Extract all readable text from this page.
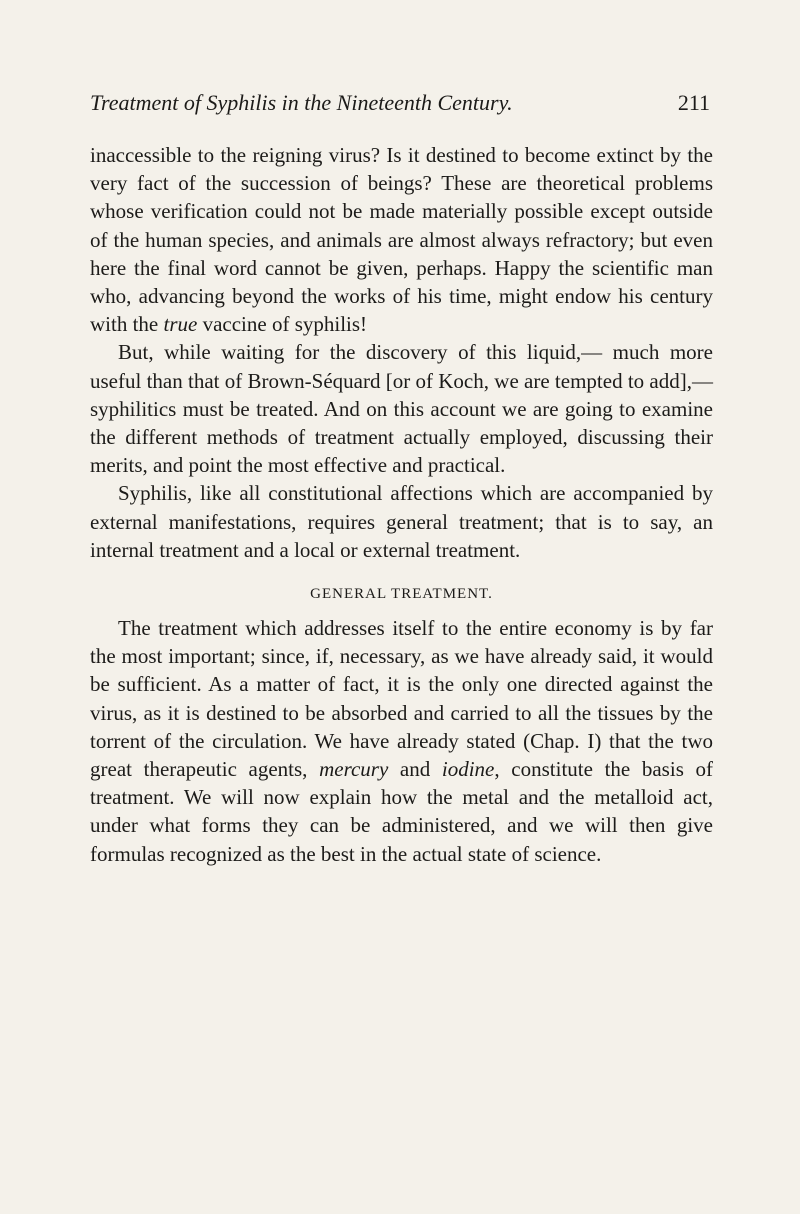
Treatment of Syphilis in the Nineteenth Century.	211

inaccessible to the reigning virus? Is it destined to become extinct by the very fact of the succession of beings? These are theoretical problems whose verification could not be made materially possible except outside of the human species, and animals are almost always refractory; but even here the final word cannot be given, perhaps. Happy the scientific man who, advancing beyond the works of his time, might endow his century with the true vaccine of syphilis!

But, while waiting for the discovery of this liquid,— much more useful than that of Brown-Séquard [or of Koch, we are tempted to add],—syphilitics must be treated. And on this account we are going to examine the different methods of treatment actually employed, discussing their merits, and point the most effective and practical.

Syphilis, like all constitutional affections which are accompanied by external manifestations, requires general treatment; that is to say, an internal treatment and a local or external treatment.

GENERAL TREATMENT.

The treatment which addresses itself to the entire economy is by far the most important; since, if, necessary, as we have already said, it would be sufficient. As a matter of fact, it is the only one directed against the virus, as it is destined to be absorbed and carried to all the tissues by the torrent of the circulation. We have already stated (Chap. I) that the two great therapeutic agents, mercury and iodine, constitute the basis of treatment. We will now explain how the metal and the metalloid act, under what forms they can be administered, and we will then give formulas recognized as the best in the actual state of science.
